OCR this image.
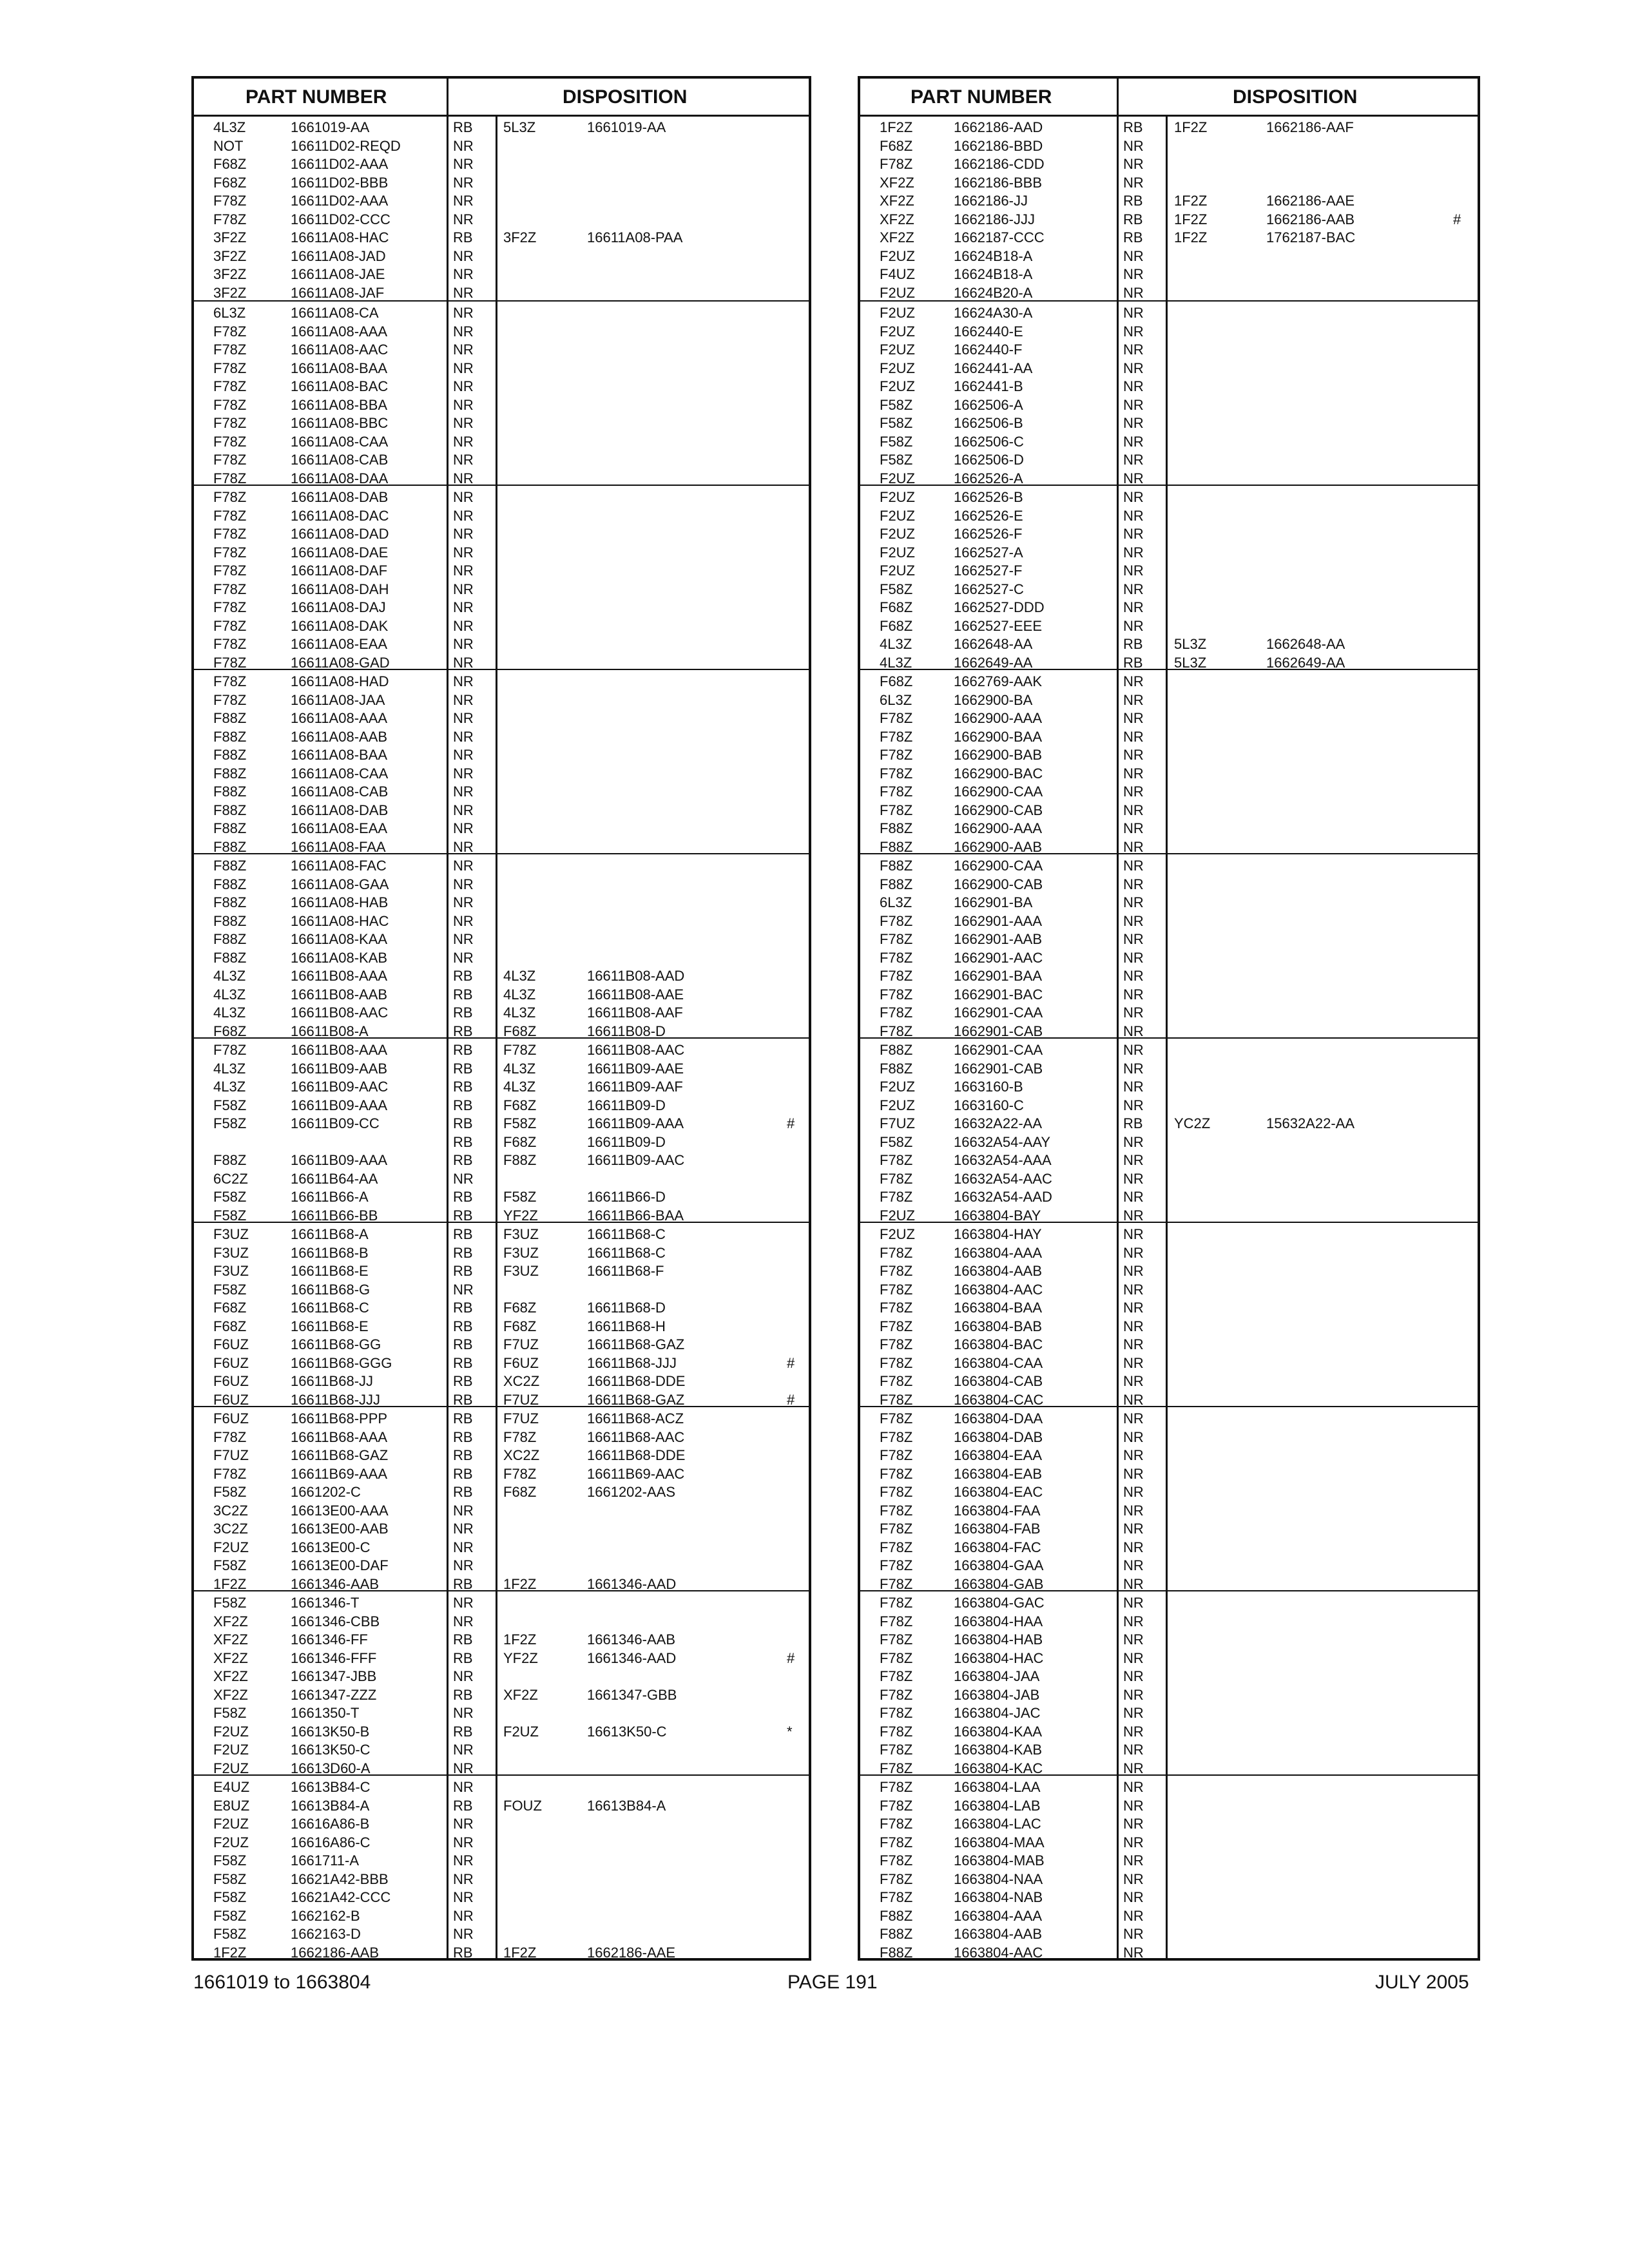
PART NUMBER	DISPOSITION
4L3Z	1661019-AA	RB 5L3Z	1661019-AA
NOT	16611D02-REQD	NR
F68Z	16611D02-AAA	NR
F68Z	16611D02-BBB	NR
F78Z	16611D02-AAA	NR
F78Z	16611D02-CCC	NR
3F2Z	16611A08-HAC	RB 3F2Z	16611A08-PAA
3F2Z	16611A08-JAD	NR
3F2Z	16611A08-JAE	NR
3F2Z	16611A08-JAF	NR
6L3Z	16611A08-CA	NR
F78Z	16611A08-AAA	NR
F78Z	16611A08-AAC	NR
F78Z	16611A08-BAA	NR
F78Z	16611A08-BAC	NR
F78Z	16611A08-BBA	NR
F78Z	16611A08-BBC	NR
F78Z	16611A08-CAA	NR
F78Z	16611A08-CAB	NR
F78Z	16611A08-DAA	NR
F78Z	16611A08-DAB	NR
F78Z	16611A08-DAC	NR
F78Z	16611A08-DAD	NR
F78Z	16611A08-DAE	NR
F78Z	16611A08-DAF	NR
F78Z	16611A08-DAH	NR
F78Z	16611A08-DAJ	NR
F78Z	16611A08-DAK	NR
F78Z	16611A08-EAA	NR
F78Z	16611A08-GAD	NR
F78Z	16611A08-HAD	NR
F78Z	16611A08-JAA	NR
F88Z	16611A08-AAA	NR
F88Z	16611A08-AAB	NR
F88Z	16611A08-BAA	NR
F88Z	16611A08-CAA	NR
F88Z	16611A08-CAB	NR
F88Z	16611A08-DAB	NR
F88Z	16611A08-EAA	NR
F88Z	16611A08-FAA	NR
F88Z	16611A08-FAC	NR
F88Z	16611A08-GAA	NR
F88Z	16611A08-HAB	NR
F88Z	16611A08-HAC	NR
F88Z	16611A08-KAA	NR
F88Z	16611A08-KAB	NR
4L3Z	16611B08-AAA	RB 4L3Z	16611B08-AAD
4L3Z	16611B08-AAB	RB 4L3Z	16611B08-AAE
4L3Z	16611B08-AAC	RB 4L3Z	16611B08-AAF
F68Z	16611B08-A	RB F68Z	16611B08-D
F78Z	16611B08-AAA	RB F78Z	16611B08-AAC
4L3Z	16611B09-AAB	RB 4L3Z	16611B09-AAE
4L3Z	16611B09-AAC	RB 4L3Z	16611B09-AAF
F58Z	16611B09-AAA	RB F68Z	16611B09-D
F58Z	16611B09-CC	RB F58Z	16611B09-AAA	#
RB F68Z	16611B09-D
F88Z	16611B09-AAA	RB F88Z	16611B09-AAC
6C2Z	16611B64-AA	NR
F58Z	16611B66-A	RB F58Z	16611B66-D
F58Z	16611B66-BB	RB YF2Z	16611B66-BAA
F3UZ	16611B68-A	RB F3UZ	16611B68-C
F3UZ	16611B68-B	RB F3UZ	16611B68-C
F3UZ	16611B68-E	RB F3UZ	16611B68-F
F58Z	16611B68-G	NR
F68Z	16611B68-C	RB F68Z	16611B68-D
F68Z	16611B68-E	RB F68Z	16611B68-H
F6UZ	16611B68-GG	RB F7UZ	16611B68-GAZ
F6UZ	16611B68-GGG	RB F6UZ	16611B68-JJJ	#
F6UZ	16611B68-JJ	RB XC2Z	16611B68-DDE
F6UZ	16611B68-JJJ	RB F7UZ	16611B68-GAZ	#
F6UZ	16611B68-PPP	RB F7UZ	16611B68-ACZ
F78Z	16611B68-AAA	RB F78Z	16611B68-AAC
F7UZ	16611B68-GAZ	RB XC2Z	16611B68-DDE
F78Z	16611B69-AAA	RB F78Z	16611B69-AAC
F58Z	1661202-C	RB F68Z	1661202-AAS
3C2Z	16613E00-AAA	NR
3C2Z	16613E00-AAB	NR
F2UZ	16613E00-C	NR
F58Z	16613E00-DAF	NR
1F2Z	1661346-AAB	RB 1F2Z	1661346-AAD
F58Z	1661346-T	NR
XF2Z	1661346-CBB	NR
XF2Z	1661346-FF	RB 1F2Z	1661346-AAB
XF2Z	1661346-FFF	RB YF2Z	1661346-AAD	#
XF2Z	1661347-JBB	NR
XF2Z	1661347-ZZZ	RB XF2Z	1661347-GBB
F58Z	1661350-T	NR
F2UZ	16613K50-B	RB F2UZ	16613K50-C	*
F2UZ	16613K50-C	NR
F2UZ	16613D60-A	NR
E4UZ	16613B84-C	NR
E8UZ	16613B84-A	RB FOUZ	16613B84-A
F2UZ	16616A86-B	NR
F2UZ	16616A86-C	NR
F58Z	1661711-A	NR
F58Z	16621A42-BBB	NR
F58Z	16621A42-CCC	NR
F58Z	1662162-B	NR
F58Z	1662163-D	NR
1F2Z	1662186-AAB	RB 1F2Z	1662186-AAE
PART NUMBER	DISPOSITION
1F2Z	1662186-AAD	RB 1F2Z	1662186-AAF
F68Z	1662186-BBD	NR
F78Z	1662186-CDD	NR
XF2Z	1662186-BBB	NR
XF2Z	1662186-JJ	RB 1F2Z	1662186-AAE
XF2Z	1662186-JJJ	RB 1F2Z	1662186-AAB	#
XF2Z	1662187-CCC	RB 1F2Z	1762187-BAC
F2UZ	16624B18-A	NR
F4UZ	16624B18-A	NR
F2UZ	16624B20-A	NR
F2UZ	16624A30-A	NR
F2UZ	1662440-E	NR
F2UZ	1662440-F	NR
F2UZ	1662441-AA	NR
F2UZ	1662441-B	NR
F58Z	1662506-A	NR
F58Z	1662506-B	NR
F58Z	1662506-C	NR
F58Z	1662506-D	NR
F2UZ	1662526-A	NR
F2UZ	1662526-B	NR
F2UZ	1662526-E	NR
F2UZ	1662526-F	NR
F2UZ	1662527-A	NR
F2UZ	1662527-F	NR
F58Z	1662527-C	NR
F68Z	1662527-DDD	NR
F68Z	1662527-EEE	NR
4L3Z	1662648-AA	RB 5L3Z	1662648-AA
4L3Z	1662649-AA	RB 5L3Z	1662649-AA
F68Z	1662769-AAK	NR
6L3Z	1662900-BA	NR
F78Z	1662900-AAA	NR
F78Z	1662900-BAA	NR
F78Z	1662900-BAB	NR
F78Z	1662900-BAC	NR
F78Z	1662900-CAA	NR
F78Z	1662900-CAB	NR
F88Z	1662900-AAA	NR
F88Z	1662900-AAB	NR
F88Z	1662900-CAA	NR
F88Z	1662900-CAB	NR
6L3Z	1662901-BA	NR
F78Z	1662901-AAA	NR
F78Z	1662901-AAB	NR
F78Z	1662901-AAC	NR
F78Z	1662901-BAA	NR
F78Z	1662901-BAC	NR
F78Z	1662901-CAA	NR
F78Z	1662901-CAB	NR
F88Z	1662901-CAA	NR
F88Z	1662901-CAB	NR
F2UZ	1663160-B	NR
F2UZ	1663160-C	NR
F7UZ	16632A22-AA	RB YC2Z	15632A22-AA
F58Z	16632A54-AAY	NR
F78Z	16632A54-AAA	NR
F78Z	16632A54-AAC	NR
F78Z	16632A54-AAD	NR
F2UZ	1663804-BAY	NR
F2UZ	1663804-HAY	NR
F78Z	1663804-AAA	NR
F78Z	1663804-AAB	NR
F78Z	1663804-AAC	NR
F78Z	1663804-BAA	NR
F78Z	1663804-BAB	NR
F78Z	1663804-BAC	NR
F78Z	1663804-CAA	NR
F78Z	1663804-CAB	NR
F78Z	1663804-CAC	NR
F78Z	1663804-DAA	NR
F78Z	1663804-DAB	NR
F78Z	1663804-EAA	NR
F78Z	1663804-EAB	NR
F78Z	1663804-EAC	NR
F78Z	1663804-FAA	NR
F78Z	1663804-FAB	NR
F78Z	1663804-FAC	NR
F78Z	1663804-GAA	NR
F78Z	1663804-GAB	NR
F78Z	1663804-GAC	NR
F78Z	1663804-HAA	NR
F78Z	1663804-HAB	NR
F78Z	1663804-HAC	NR
F78Z	1663804-JAA	NR
F78Z	1663804-JAB	NR
F78Z	1663804-JAC	NR
F78Z	1663804-KAA	NR
F78Z	1663804-KAB	NR
F78Z	1663804-KAC	NR
F78Z	1663804-LAA	NR
F78Z	1663804-LAB	NR
F78Z	1663804-LAC	NR
F78Z	1663804-MAA	NR
F78Z	1663804-MAB	NR
F78Z	1663804-NAA	NR
F78Z	1663804-NAB	NR
F88Z	1663804-AAA	NR
F88Z	1663804-AAB	NR
F88Z	1663804-AAC	NR
1661019 to 1663804	PAGE 191	JULY 2005
